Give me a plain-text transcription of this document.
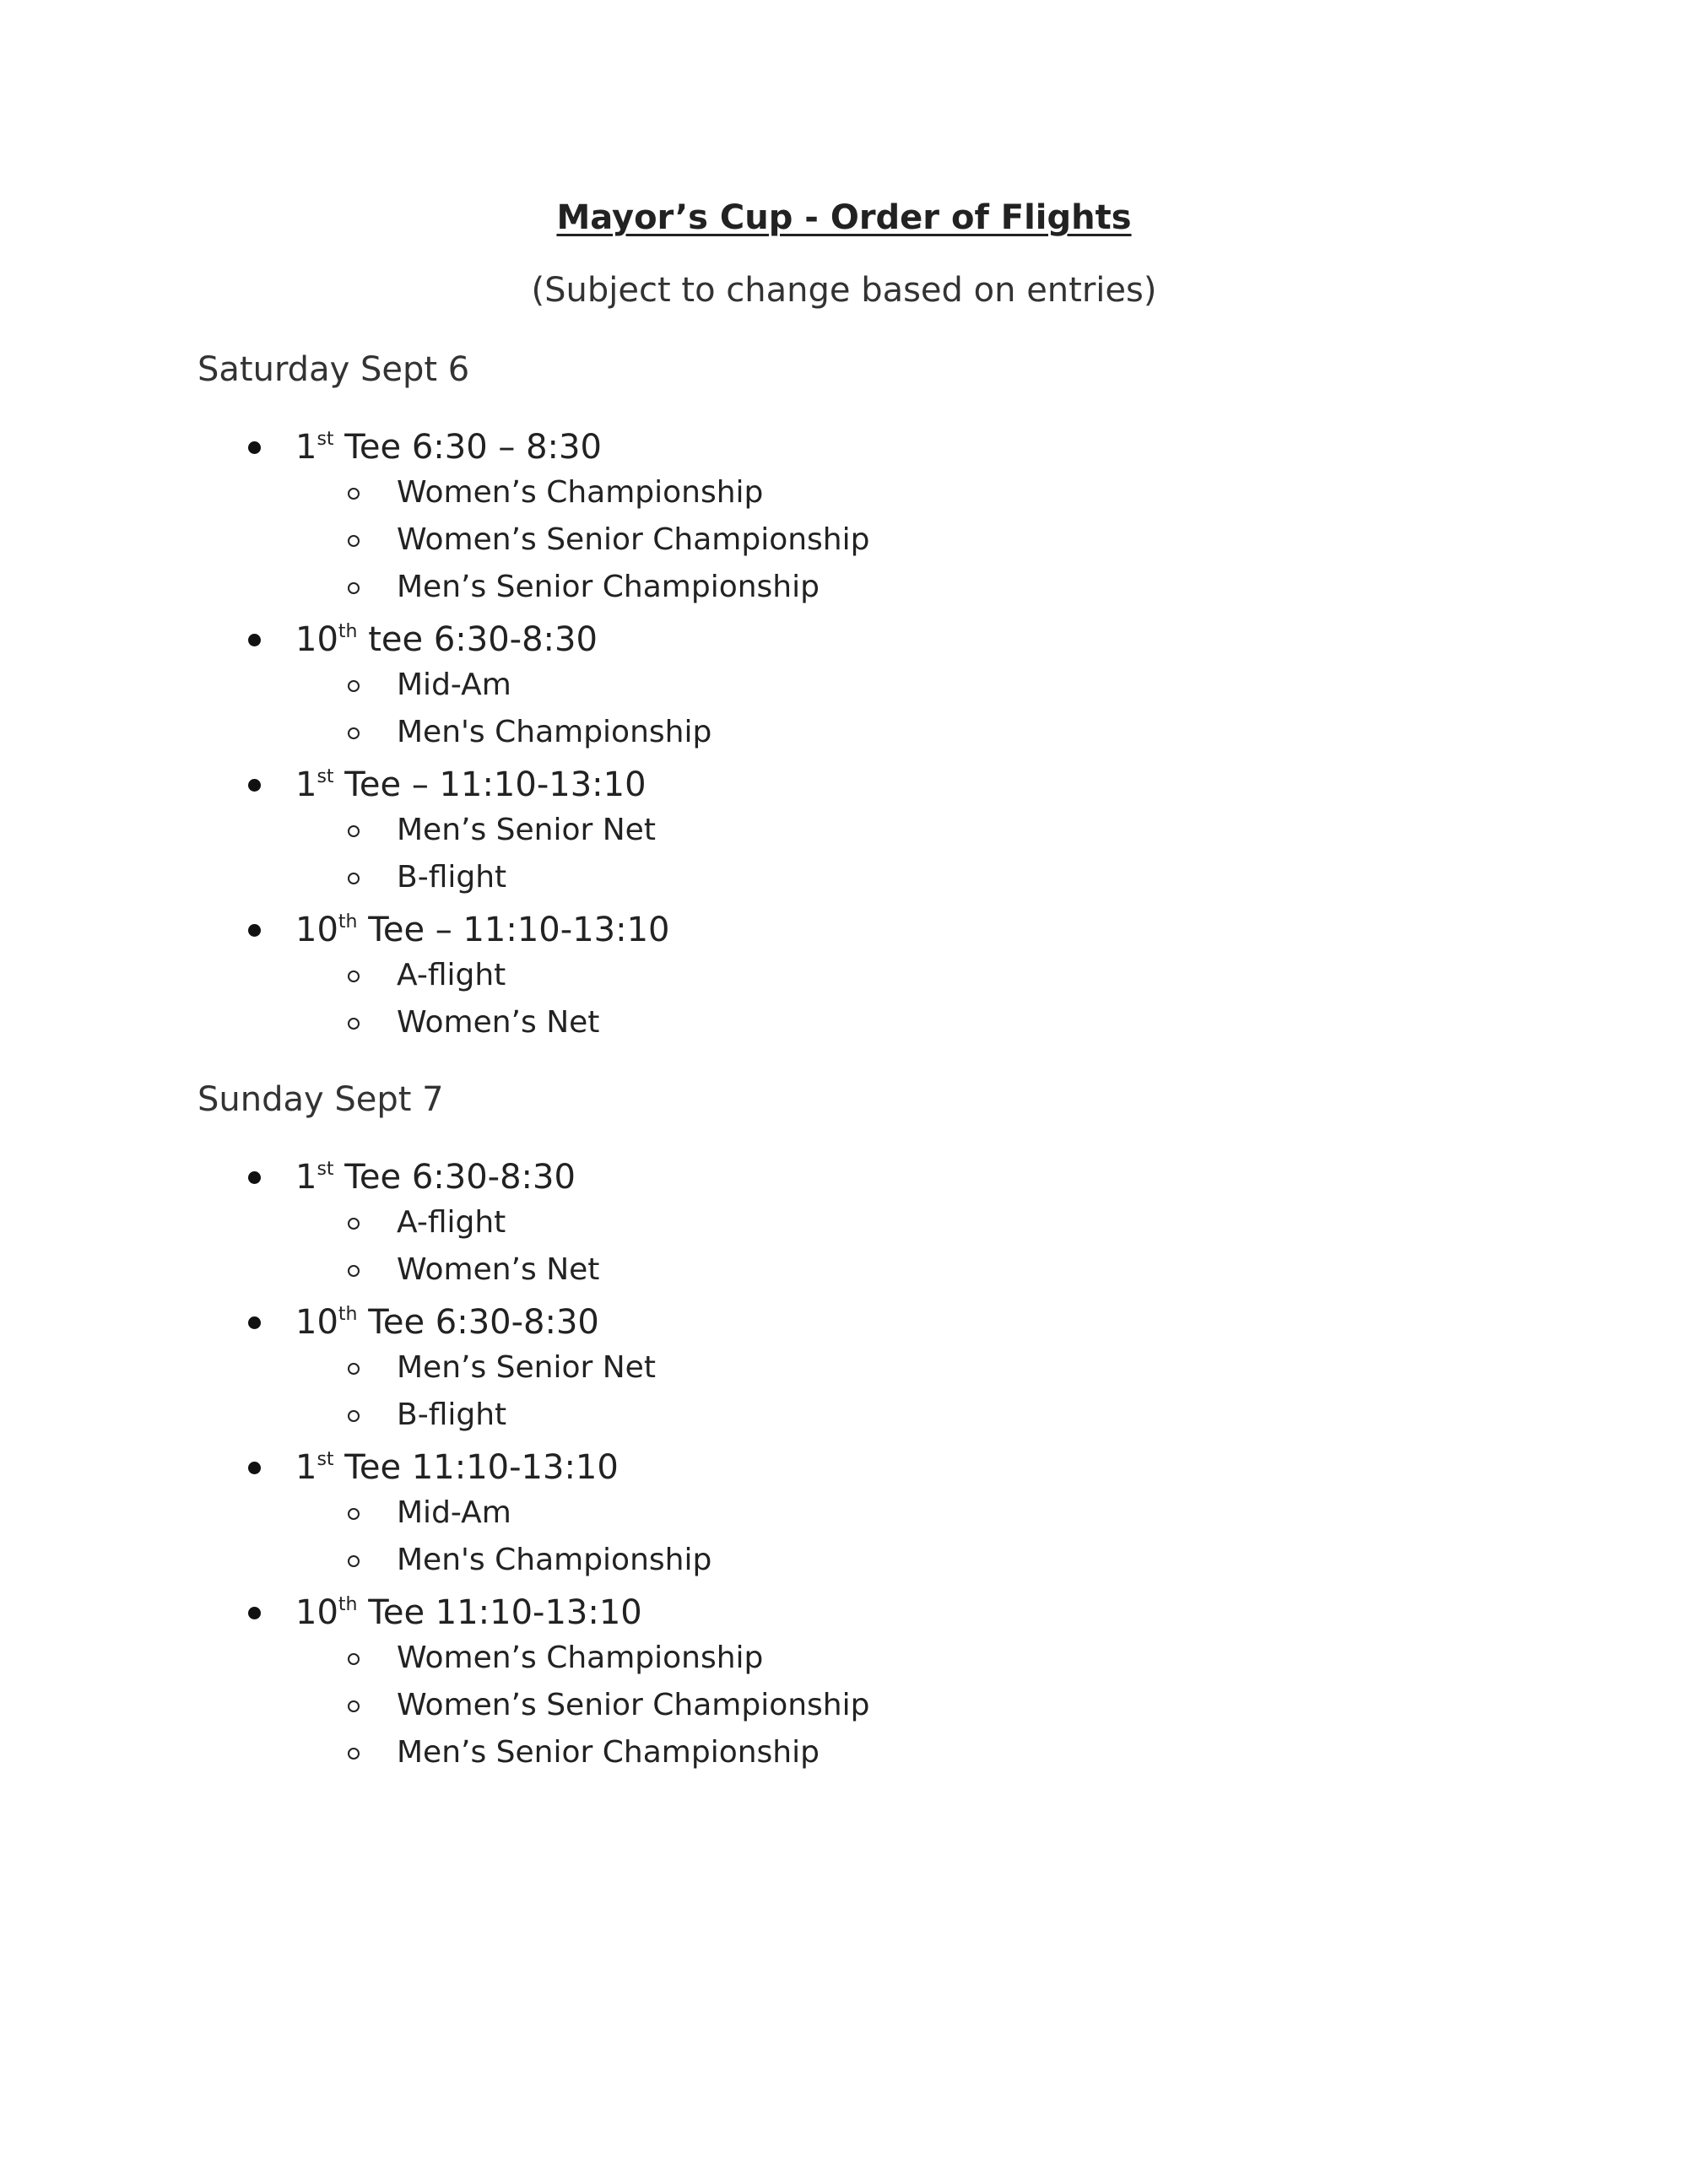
Mayor’s Cup - Order of Flights
(Subject to change based on entries)
Saturday Sept 6
1st Tee 6:30 – 8:30
Women’s Championship
Women’s Senior Championship
Men’s Senior Championship
10th tee 6:30-8:30
Mid-Am
Men's Championship
1st Tee – 11:10-13:10
Men’s Senior Net
B-flight
10th Tee – 11:10-13:10
A-flight
Women’s Net
Sunday Sept 7
1st Tee 6:30-8:30
A-flight
Women’s Net
10th Tee 6:30-8:30
Men’s Senior Net
B-flight
1st Tee 11:10-13:10
Mid-Am
Men's Championship
10th Tee 11:10-13:10
Women’s Championship
Women’s Senior Championship
Men’s Senior Championship
